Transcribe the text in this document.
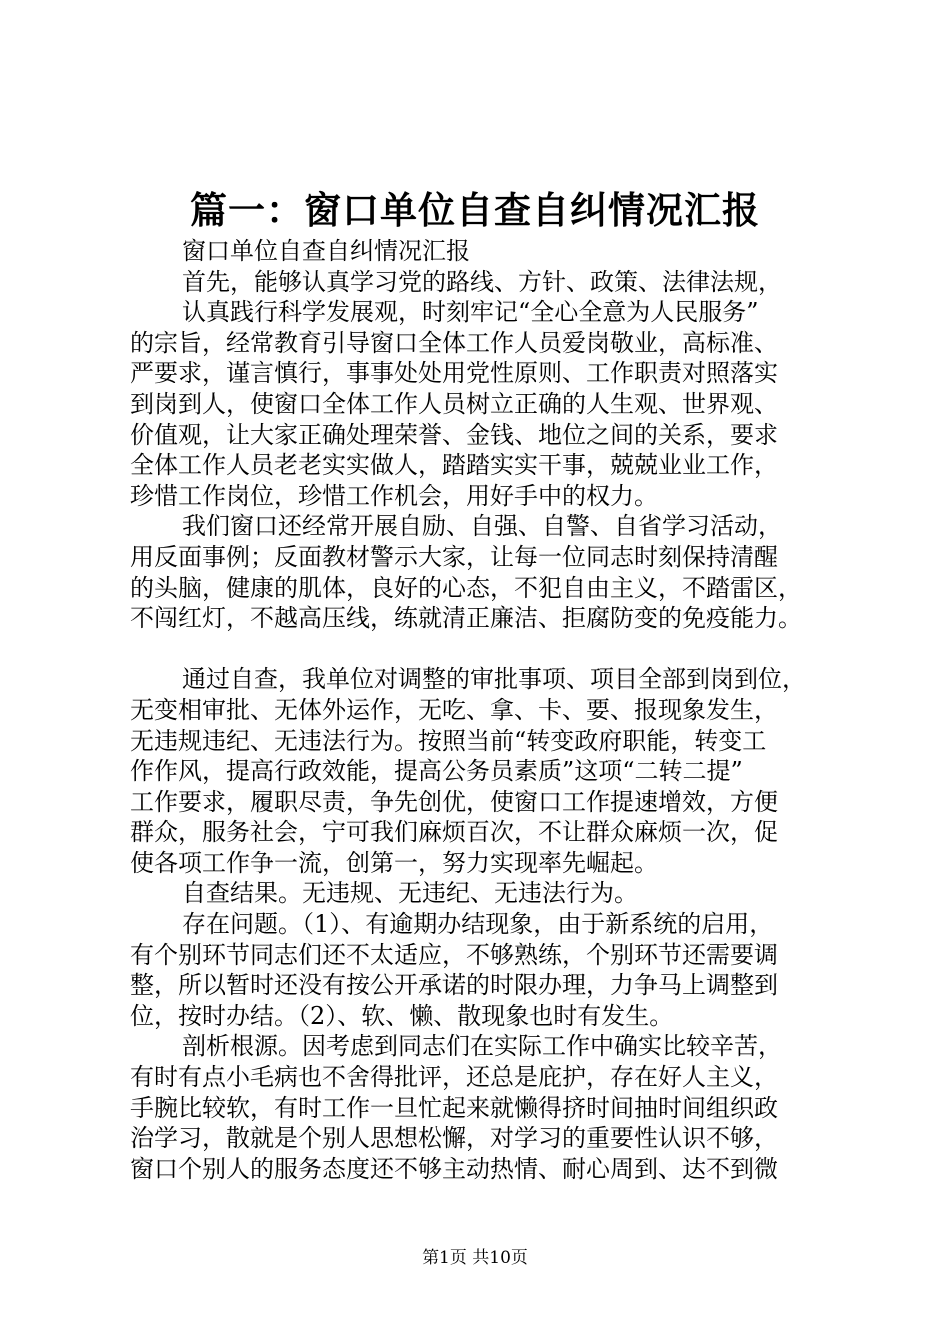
篇一：窗口单位自查自纠情况汇报
窗口单位自查自纠情况汇报
首先，能够认真学习党的路线、方针、政策、法律法规，
认真践行科学发展观，时刻牢记“全心全意为人民服务”
的宗旨，经常教育引导窗口全体工作人员爱岗敬业，高标准、
严要求，谨言慎行，事事处处用党性原则、工作职责对照落实
到岗到人，使窗口全体工作人员树立正确的人生观、世界观、
价值观，让大家正确处理荣誉、金钱、地位之间的关系，要求
全体工作人员老老实实做人，踏踏实实干事，兢兢业业工作，
珍惜工作岗位，珍惜工作机会，用好手中的权力。
我们窗口还经常开展自励、自强、自警、自省学习活动，
用反面事例；反面教材警示大家，让每一位同志时刻保持清醒
的头脑，健康的肌体，良好的心态，不犯自由主义，不踏雷区，
不闯红灯，不越高压线，练就清正廉洁、拒腐防变的免疫能力。
通过自查，我单位对调整的审批事项、项目全部到岗到位，
无变相审批、无体外运作，无吃、拿、卡、要、报现象发生，
无违规违纪、无违法行为。按照当前“转变政府职能，转变工
作作风，提高行政效能，提高公务员素质”这项“二转二提”
工作要求，履职尽责，争先创优，使窗口工作提速增效，方便
群众，服务社会，宁可我们麻烦百次，不让群众麻烦一次，促
使各项工作争一流，创第一，努力实现率先崛起。
自查结果。无违规、无违纪、无违法行为。
存在问题。（1）、有逾期办结现象，由于新系统的启用，
有个别环节同志们还不太适应，不够熟练，个别环节还需要调
整，所以暂时还没有按公开承诺的时限办理，力争马上调整到
位，按时办结。（2）、软、懒、散现象也时有发生。
剖析根源。因考虑到同志们在实际工作中确实比较辛苦，
有时有点小毛病也不舍得批评，还总是庇护，存在好人主义，
手腕比较软，有时工作一旦忙起来就懒得挤时间抽时间组织政
治学习，散就是个别人思想松懈，对学习的重要性认识不够，
窗口个别人的服务态度还不够主动热情、耐心周到、达不到微
第1页 共10页
